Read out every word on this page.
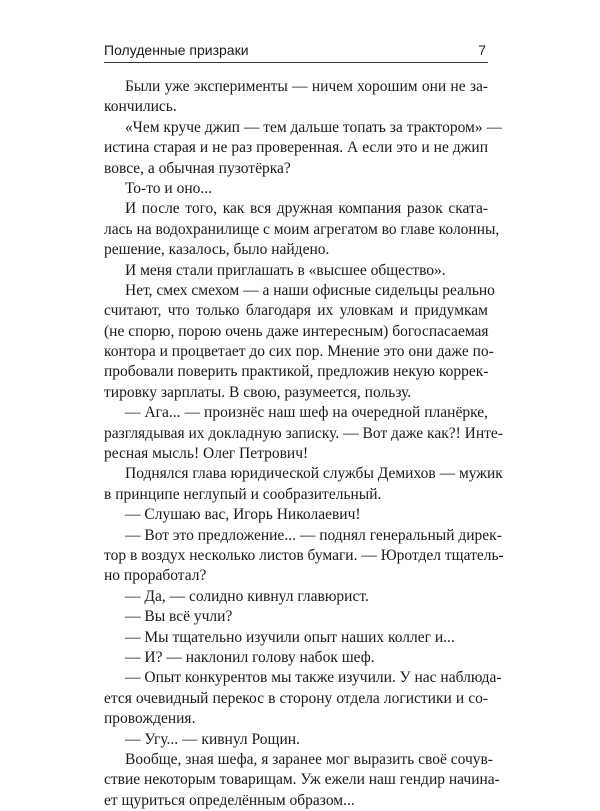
Полуденные призраки	7
Были уже эксперименты — ничем хорошим они не за-
кончились.
«Чем круче джип — тем дальше топать за трактором» —
истина старая и не раз проверенная. А если это и не джип
вовсе, а обычная пузотёрка?
То-то и оно...
И после того, как вся дружная компания разок ската-
лась на водохранилище с моим агрегатом во главе колонны,
решение, казалось, было найдено.
И меня стали приглашать в «высшее общество».
Нет, смех смехом — а наши офисные сидельцы реально
считают, что только благодаря их уловкам и придумкам
(не спорю, порою очень даже интересным) богоспасаемая
контора и процветает до сих пор. Мнение это они даже по-
пробовали поверить практикой, предложив некую коррек-
тировку зарплаты. В свою, разумеется, пользу.
— Ага... — произнёс наш шеф на очередной планёрке,
разглядывая их докладную записку. — Вот даже как?! Инте-
ресная мысль! Олег Петрович!
Поднялся глава юридической службы Демихов — мужик
в принципе неглупый и сообразительный.
— Слушаю вас, Игорь Николаевич!
— Вот это предложение... — поднял генеральный дирек-
тор в воздух несколько листов бумаги. — Юротдел тщатель-
но проработал?
— Да, — солидно кивнул главюрист.
— Вы всё учли?
— Мы тщательно изучили опыт наших коллег и...
— И? — наклонил голову набок шеф.
— Опыт конкурентов мы также изучили. У нас наблюда-
ется очевидный перекос в сторону отдела логистики и со-
провождения.
— Угу... — кивнул Рощин.
Вообще, зная шефа, я заранее мог выразить своё сочув-
ствие некоторым товарищам. Уж ежели наш гендир начина-
ет щуриться определённым образом...
